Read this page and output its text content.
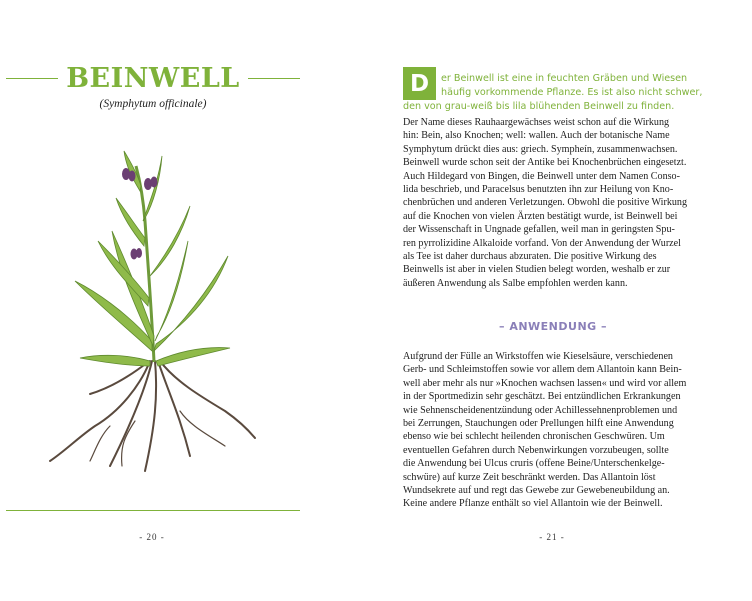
BEINWELL
(Symphytum officinale)
- 20 -
D	er Beinwell ist eine in feuchten Gräben und Wiesen
häufig vorkommende Pflanze. Es ist also nicht schwer,
den von grau-weiß bis lila blühenden Beinwell zu finden.
Der Name dieses Rauhaargewächses weist schon auf die Wirkung
hin: Bein, also Knochen; well: wallen. Auch der botanische Name
Symphytum drückt dies aus: griech. Sympheín, zusammenwachsen.
Beinwell wurde schon seit der Antike bei Knochenbrüchen eingesetzt.
Auch Hildegard von Bingen, die Beinwell unter dem Namen Conso-
lida beschrieb, und Paracelsus benutzten ihn zur Heilung von Kno-
chenbrüchen und anderen Verletzungen. Obwohl die positive Wirkung
auf die Knochen von vielen Ärzten bestätigt wurde, ist Beinwell bei
der Wissenschaft in Ungnade gefallen, weil man in geringsten Spu-
ren pyrrolizidine Alkaloide vorfand. Von der Anwendung der Wurzel
als Tee ist daher durchaus abzuraten. Die positive Wirkung des
Beinwells ist aber in vielen Studien belegt worden, weshalb er zur
äußeren Anwendung als Salbe empfohlen werden kann.
– ANWENDUNG –
Aufgrund der Fülle an Wirkstoffen wie Kieselsäure, verschiedenen
Gerb- und Schleimstoffen sowie vor allem dem Allantoin kann Bein-
well aber mehr als nur »Knochen wachsen lassen« und wird vor allem
in der Sportmedizin sehr geschätzt. Bei entzündlichen Erkrankungen
wie Sehnenscheidenentzündung oder Achillessehnenproblemen und
bei Zerrungen, Stauchungen oder Prellungen hilft eine Anwendung
ebenso wie bei schlecht heilenden chronischen Geschwüren. Um
eventuellen Gefahren durch Nebenwirkungen vorzubeugen, sollte
die Anwendung bei Ulcus cruris (offene Beine/Unterschenkelge-
schwüre) auf kurze Zeit beschränkt werden. Das Allantoin löst
Wundsekrete auf und regt das Gewebe zur Gewebeneubildung an.
Keine andere Pflanze enthält so viel Allantoin wie der Beinwell.
- 21 -
